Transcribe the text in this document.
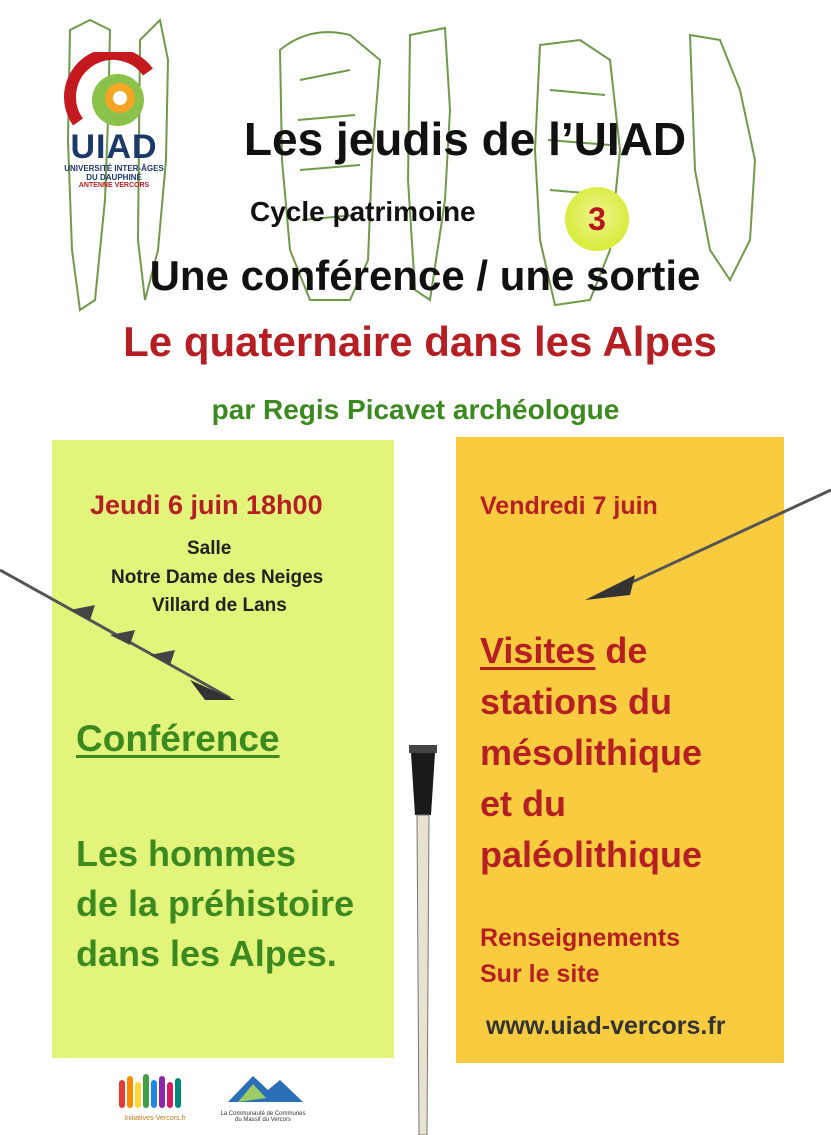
UIAD
UNIVERSITÉ INTER-ÂGES
DU DAUPHINÉ
ANTENNE VERCORS
Les jeudis de l’UIAD
Cycle patrimoine	3
Une conférence / une sortie
Le quaternaire dans les Alpes
par Regis Picavet archéologue
Jeudi 6 juin 18h00
Salle
Notre Dame des Neiges
Villard de Lans
Conférence
Les hommes
de la préhistoire
dans les Alpes.
Vendredi 7 juin
Visites de
stations du
mésolithique
et du
paléolithique
Renseignements
Sur le site
www.uiad-vercors.fr
Initiatives-Vercors.fr
La Communauté de Communes
du Massif du Vercors
